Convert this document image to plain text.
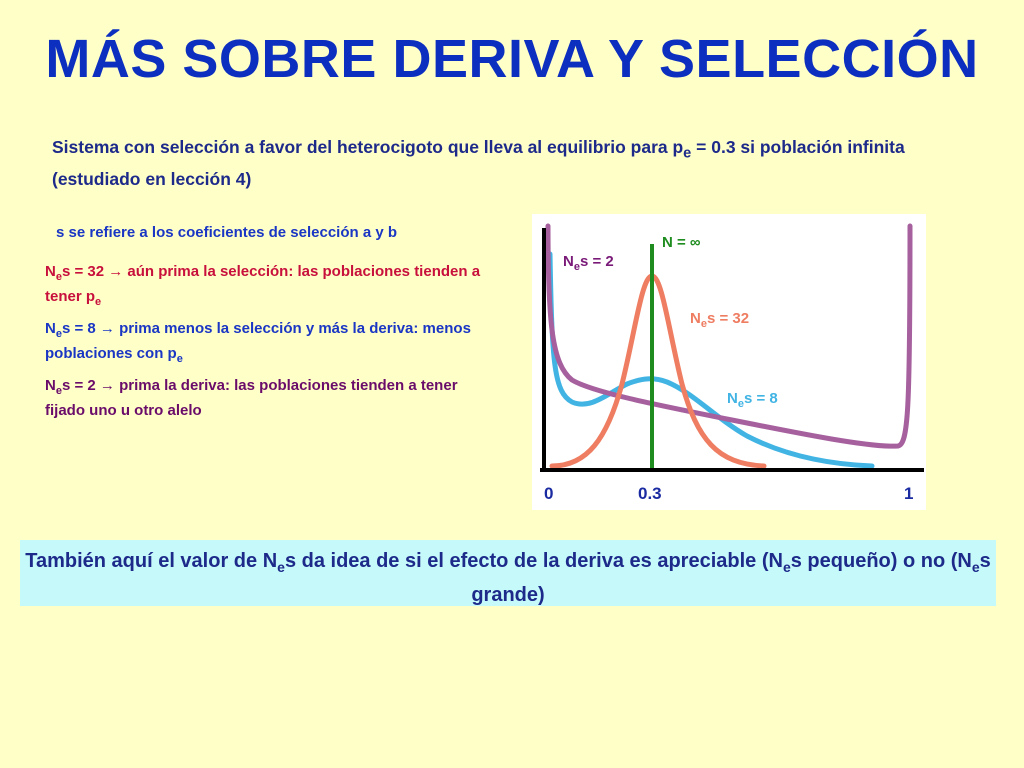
MÁS SOBRE DERIVA Y SELECCIÓN
Sistema con selección a favor del heterocigoto que lleva al equilibrio para $p_e = 0.3$ si población infinita (estudiado en lección 4)
s se refiere a los coeficientes de selección a y b
$N_es = 32$ → aún prima la selección: las poblaciones tienden a tener $p_e$
$N_es = 8$ → prima menos la selección y más la deriva: menos poblaciones con $p_e$
$N_es = 2$ → prima la deriva: las poblaciones tienden a tener fijado uno u otro alelo
N = ∞
$N_es = 2$
$N_es = 32$
$N_es = 8$
0	0.3	1
También aquí el valor de $N_es$ da idea de si el efecto de la deriva es apreciable ($N_es$ pequeño) o no ($N_es$ grande)
